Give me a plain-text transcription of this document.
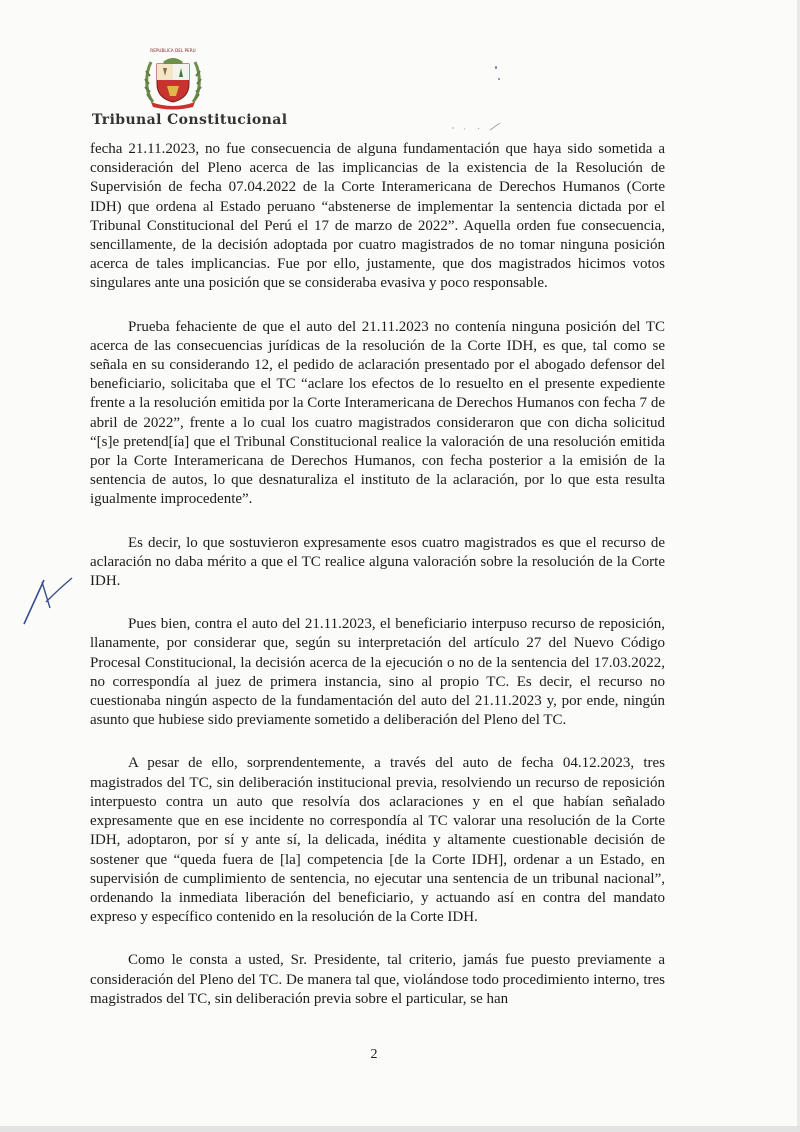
REPUBLICA DEL PERU
Tribunal Constitucional

fecha 21.11.2023, no fue consecuencia de alguna fundamentación que haya sido sometida a consideración del Pleno acerca de las implicancias de la existencia de la Resolución de Supervisión de fecha 07.04.2022 de la Corte Interamericana de Derechos Humanos (Corte IDH) que ordena al Estado peruano “abstenerse de implementar la sentencia dictada por el Tribunal Constitucional del Perú el 17 de marzo de 2022”. Aquella orden fue consecuencia, sencillamente, de la decisión adoptada por cuatro magistrados de no tomar ninguna posición acerca de tales implicancias. Fue por ello, justamente, que dos magistrados hicimos votos singulares ante una posición que se consideraba evasiva y poco responsable.

Prueba fehaciente de que el auto del 21.11.2023 no contenía ninguna posición del TC acerca de las consecuencias jurídicas de la resolución de la Corte IDH, es que, tal como se señala en su considerando 12, el pedido de aclaración presentado por el abogado defensor del beneficiario, solicitaba que el TC “aclare los efectos de lo resuelto en el presente expediente frente a la resolución emitida por la Corte Interamericana de Derechos Humanos con fecha 7 de abril de 2022”, frente a lo cual los cuatro magistrados consideraron que con dicha solicitud “[s]e pretend[ía] que el Tribunal Constitucional realice la valoración de una resolución emitida por la Corte Interamericana de Derechos Humanos, con fecha posterior a la emisión de la sentencia de autos, lo que desnaturaliza el instituto de la aclaración, por lo que esta resulta igualmente improcedente”.

Es decir, lo que sostuvieron expresamente esos cuatro magistrados es que el recurso de aclaración no daba mérito a que el TC realice alguna valoración sobre la resolución de la Corte IDH.

Pues bien, contra el auto del 21.11.2023, el beneficiario interpuso recurso de reposición, llanamente, por considerar que, según su interpretación del artículo 27 del Nuevo Código Procesal Constitucional, la decisión acerca de la ejecución o no de la sentencia del 17.03.2022, no correspondía al juez de primera instancia, sino al propio TC. Es decir, el recurso no cuestionaba ningún aspecto de la fundamentación del auto del 21.11.2023 y, por ende, ningún asunto que hubiese sido previamente sometido a deliberación del Pleno del TC.

A pesar de ello, sorprendentemente, a través del auto de fecha 04.12.2023, tres magistrados del TC, sin deliberación institucional previa, resolviendo un recurso de reposición interpuesto contra un auto que resolvía dos aclaraciones y en el que habían señalado expresamente que en ese incidente no correspondía al TC valorar una resolución de la Corte IDH, adoptaron, por sí y ante sí, la delicada, inédita y altamente cuestionable decisión de sostener que “queda fuera de [la] competencia [de la Corte IDH], ordenar a un Estado, en supervisión de cumplimiento de sentencia, no ejecutar una sentencia de un tribunal nacional”, ordenando la inmediata liberación del beneficiario, y actuando así en contra del mandato expreso y específico contenido en la resolución de la Corte IDH.

Como le consta a usted, Sr. Presidente, tal criterio, jamás fue puesto previamente a consideración del Pleno del TC. De manera tal que, violándose todo procedimiento interno, tres magistrados del TC, sin deliberación previa sobre el particular, se han

2
